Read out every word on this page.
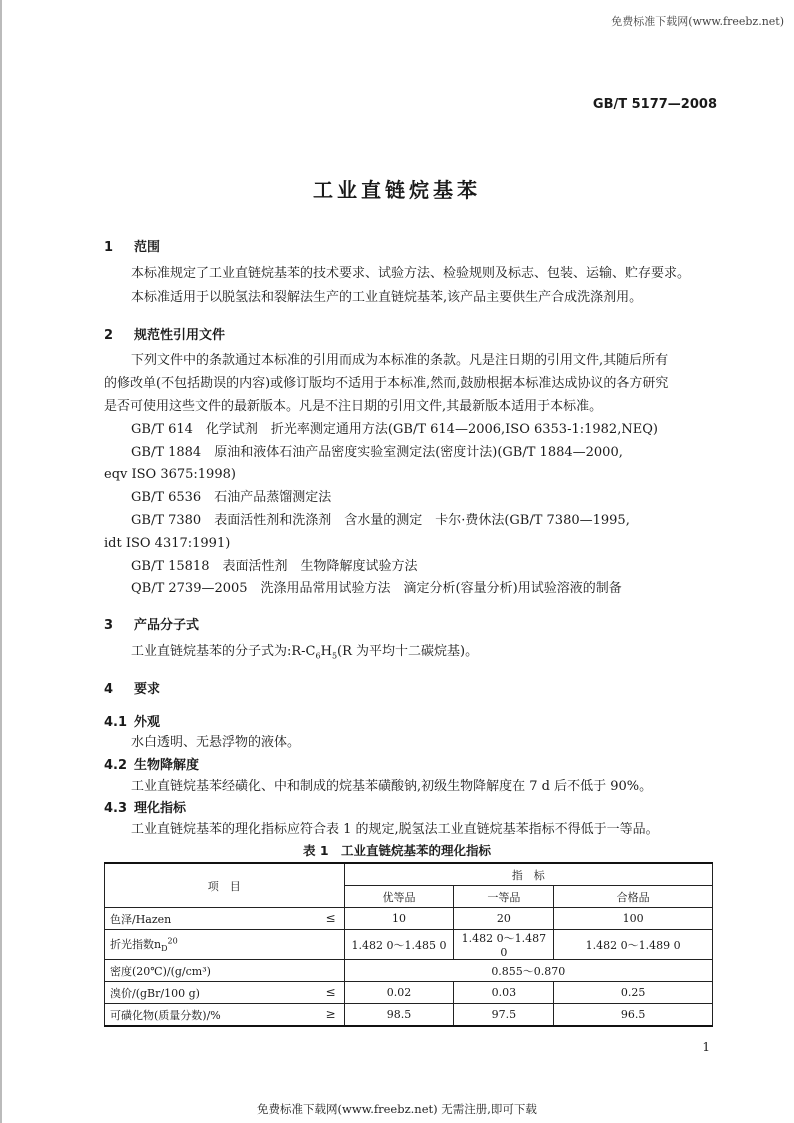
免费标准下载网(www.freebz.net)
GB/T 5177—2008
工业直链烷基苯
1 范围
本标准规定了工业直链烷基苯的技术要求、试验方法、检验规则及标志、包装、运输、贮存要求。
本标准适用于以脱氢法和裂解法生产的工业直链烷基苯,该产品主要供生产合成洗涤剂用。
2 规范性引用文件
下列文件中的条款通过本标准的引用而成为本标准的条款。凡是注日期的引用文件,其随后所有
的修改单(不包括勘误的内容)或修订版均不适用于本标准,然而,鼓励根据本标准达成协议的各方研究
是否可使用这些文件的最新版本。凡是不注日期的引用文件,其最新版本适用于本标准。
GB/T 614　化学试剂　折光率测定通用方法(GB/T 614—2006,ISO 6353-1:1982,NEQ)
GB/T 1884　原油和液体石油产品密度实验室测定法(密度计法)(GB/T 1884—2000,
eqv ISO 3675:1998)
GB/T 6536　石油产品蒸馏测定法
GB/T 7380　表面活性剂和洗涤剂　含水量的测定　卡尔·费休法(GB/T 7380—1995,
idt ISO 4317:1991)
GB/T 15818　表面活性剂　生物降解度试验方法
QB/T 2739—2005　洗涤用品常用试验方法　滴定分析(容量分析)用试验溶液的制备
3 产品分子式
工业直链烷基苯的分子式为$:R-C_6H_5(R$ 为平均十二碳烷基)。
4 要求
4.1 外观
水白透明、无悬浮物的液体。
4.2 生物降解度
工业直链烷基苯经磺化、中和制成的烷基苯磺酸钠,初级生物降解度在 7 d 后不低于 90%。
4.3 理化指标
工业直链烷基苯的理化指标应符合表 1 的规定,脱氢法工业直链烷基苯指标不得低于一等品。
表 1　工业直链烷基苯的理化指标
项　目	指　标		
	优等品	一等品	合格品
色泽/Hazen ≤	10	20	100
折光指数$n_D^{20}$	1.482 0～1.485 0	1.482 0～1.487 0	1.482 0～1.489 0
密度(20℃)/(g/cm³)	0.855～0.870		
溴价/(gBr/100 g) ≤	0.02	0.03	0.25
可磺化物(质量分数)/% ≥	98.5	97.5	96.5
1
免费标准下载网(www.freebz.net) 无需注册,即可下载
